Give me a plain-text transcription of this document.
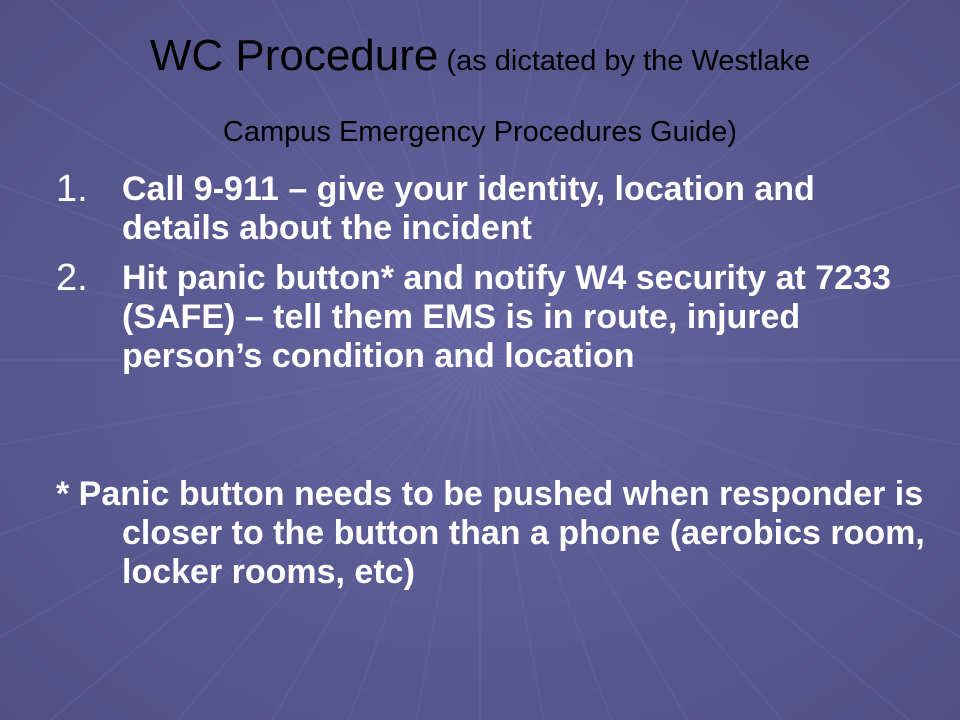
WC Procedure (as dictated by the Westlake
Campus Emergency Procedures Guide)
1. Call 9-911 – give your identity, location and details about the incident
2. Hit panic button* and notify W4 security at 7233 (SAFE) – tell them EMS is in route, injured person’s condition and location

* Panic button needs to be pushed when responder is closer to the button than a phone (aerobics room, locker rooms, etc)
